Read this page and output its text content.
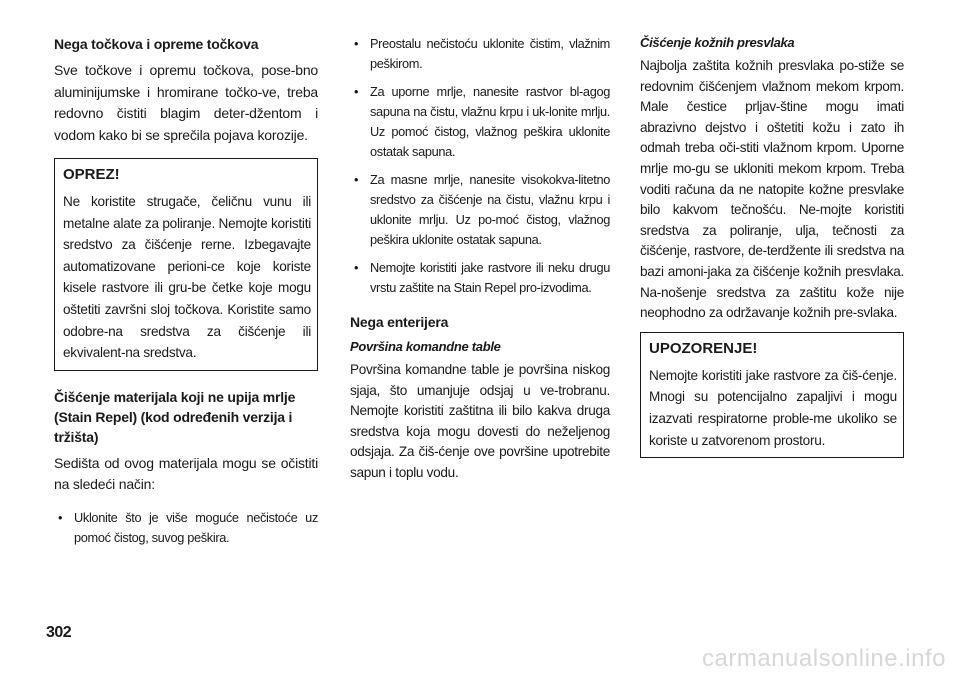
Nega točkova i opreme točkova

Sve točkove i opremu točkova, pose-bno aluminijumske i hromirane točko-ve, treba redovno čistiti blagim deter-džentom i vodom kako bi se sprečila pojava korozije.

OPREZ!

Ne koristite strugače, čeličnu vunu ili metalne alate za poliranje. Nemojte koristiti sredstvo za čišćenje rerne. Izbegavajte automatizovane perioni-ce koje koriste kisele rastvore ili gru-be četke koje mogu oštetiti završni sloj točkova. Koristite samo odobre-na sredstva za čišćenje ili ekvivalent-na sredstva.

Čišćenje materijala koji ne upija mrlje (Stain Repel) (kod određenih verzija i tržišta)

Sedišta od ovog materijala mogu se očistiti na sledeći način:

• Uklonite što je više moguće nečistoće uz pomoć čistog, suvog peškira.
• Preostalu nečistoću uklonite čistim, vlažnim peškirom.
• Za uporne mrlje, nanesite rastvor bl-agog sapuna na čistu, vlažnu krpu i uk-lonite mrlju. Uz pomoć čistog, vlažnog peškira uklonite ostatak sapuna.
• Za masne mrlje, nanesite visokokva-litetno sredstvo za čišćenje na čistu, vlažnu krpu i uklonite mrlju. Uz po-moć čistog, vlažnog peškira uklonite ostatak sapuna.
• Nemojte koristiti jake rastvore ili neku drugu vrstu zaštite na Stain Repel pro-izvodima.
Nega enterijera
Površina komandne table

Površina komandne table je površina niskog sjaja, što umanjuje odsjaj u ve-trobranu. Nemojte koristiti zaštitna ili bilo kakva druga sredstva koja mogu dovesti do neželjenog odsjaja. Za čiš-ćenje ove površine upotrebite sapun i toplu vodu.

Čišćenje kožnih presvlaka

Najbolja zaštita kožnih presvlaka po-stiže se redovnim čišćenjem vlažnom mekom krpom. Male čestice prljav-štine mogu imati abrazivno dejstvo i oštetiti kožu i zato ih odmah treba oči-stiti vlažnom krpom. Uporne mrlje mo-gu se ukloniti mekom krpom. Treba voditi računa da ne natopite kožne presvlake bilo kakvom tečnošću. Ne-mojte koristiti sredstva za poliranje, ulja, tečnosti za čišćenje, rastvore, de-terdžente ili sredstva na bazi amoni-jaka za čišćenje kožnih presvlaka. Na-nošenje sredstva za zaštitu kože nije neophodno za održavanje kožnih pre-svlaka.

UPOZORENJE!

Nemojte koristiti jake rastvore za čiš-ćenje. Mnogi su potencijalno zapaljivi i mogu izazvati respiratorne proble-me ukoliko se koriste u zatvorenom prostoru.

302
carmanualsonline.info
